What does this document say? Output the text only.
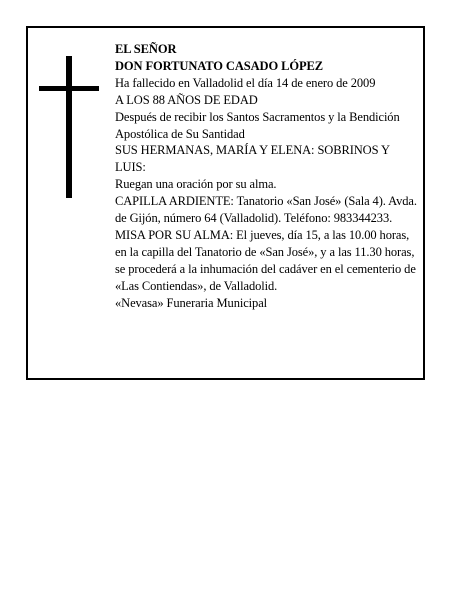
EL SEÑOR
DON FORTUNATO CASADO LÓPEZ
Ha fallecido en Valladolid el día 14 de enero de 2009
A LOS 88 AÑOS DE EDAD
Después de recibir los Santos Sacramentos y la Bendición Apostólica de Su Santidad
SUS HERMANAS, MARÍA Y ELENA: SOBRINOS Y LUIS:
Ruegan una oración por su alma.
CAPILLA ARDIENTE: Tanatorio «San José» (Sala 4). Avda. de Gijón, número 64 (Valladolid). Teléfono: 983344233.
MISA POR SU ALMA: El jueves, día 15, a las 10.00 horas, en la capilla del Tanatorio de «San José», y a las 11.30 horas, se procederá a la inhumación del cadáver en el cementerio de «Las Contiendas», de Valladolid.
«Nevasa» Funeraria Municipal
